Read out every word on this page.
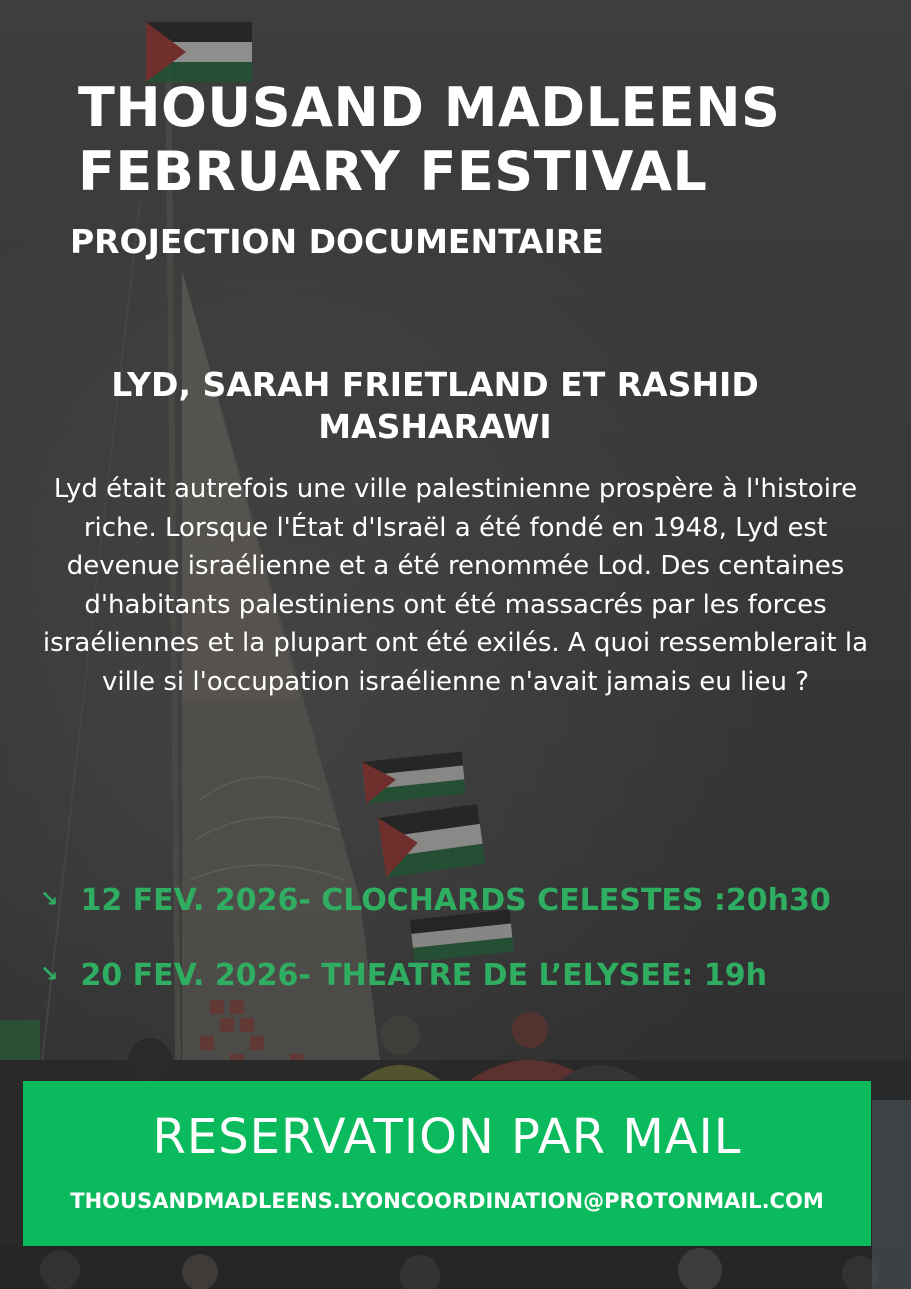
THOUSAND MADLEENS
FEBRUARY FESTIVAL
PROJECTION DOCUMENTAIRE
LYD, SARAH FRIETLAND ET RASHID MASHARAWI

Lyd était autrefois une ville palestinienne prospère à l'histoire riche. Lorsque l'État d'Israël a été fondé en 1948, Lyd est devenue israélienne et a été renommée Lod. Des centaines d'habitants palestiniens ont été massacrés par les forces israéliennes et la plupart ont été exilés. A quoi ressemblerait la ville si l'occupation israélienne n'avait jamais eu lieu ?

↘ 12 FEV. 2026- CLOCHARDS CELESTES :20h30
↘ 20 FEV. 2026- THEATRE DE L’ELYSEE: 19h
RESERVATION PAR MAIL
THOUSANDMADLEENS.LYONCOORDINATION@PROTONMAIL.COM
